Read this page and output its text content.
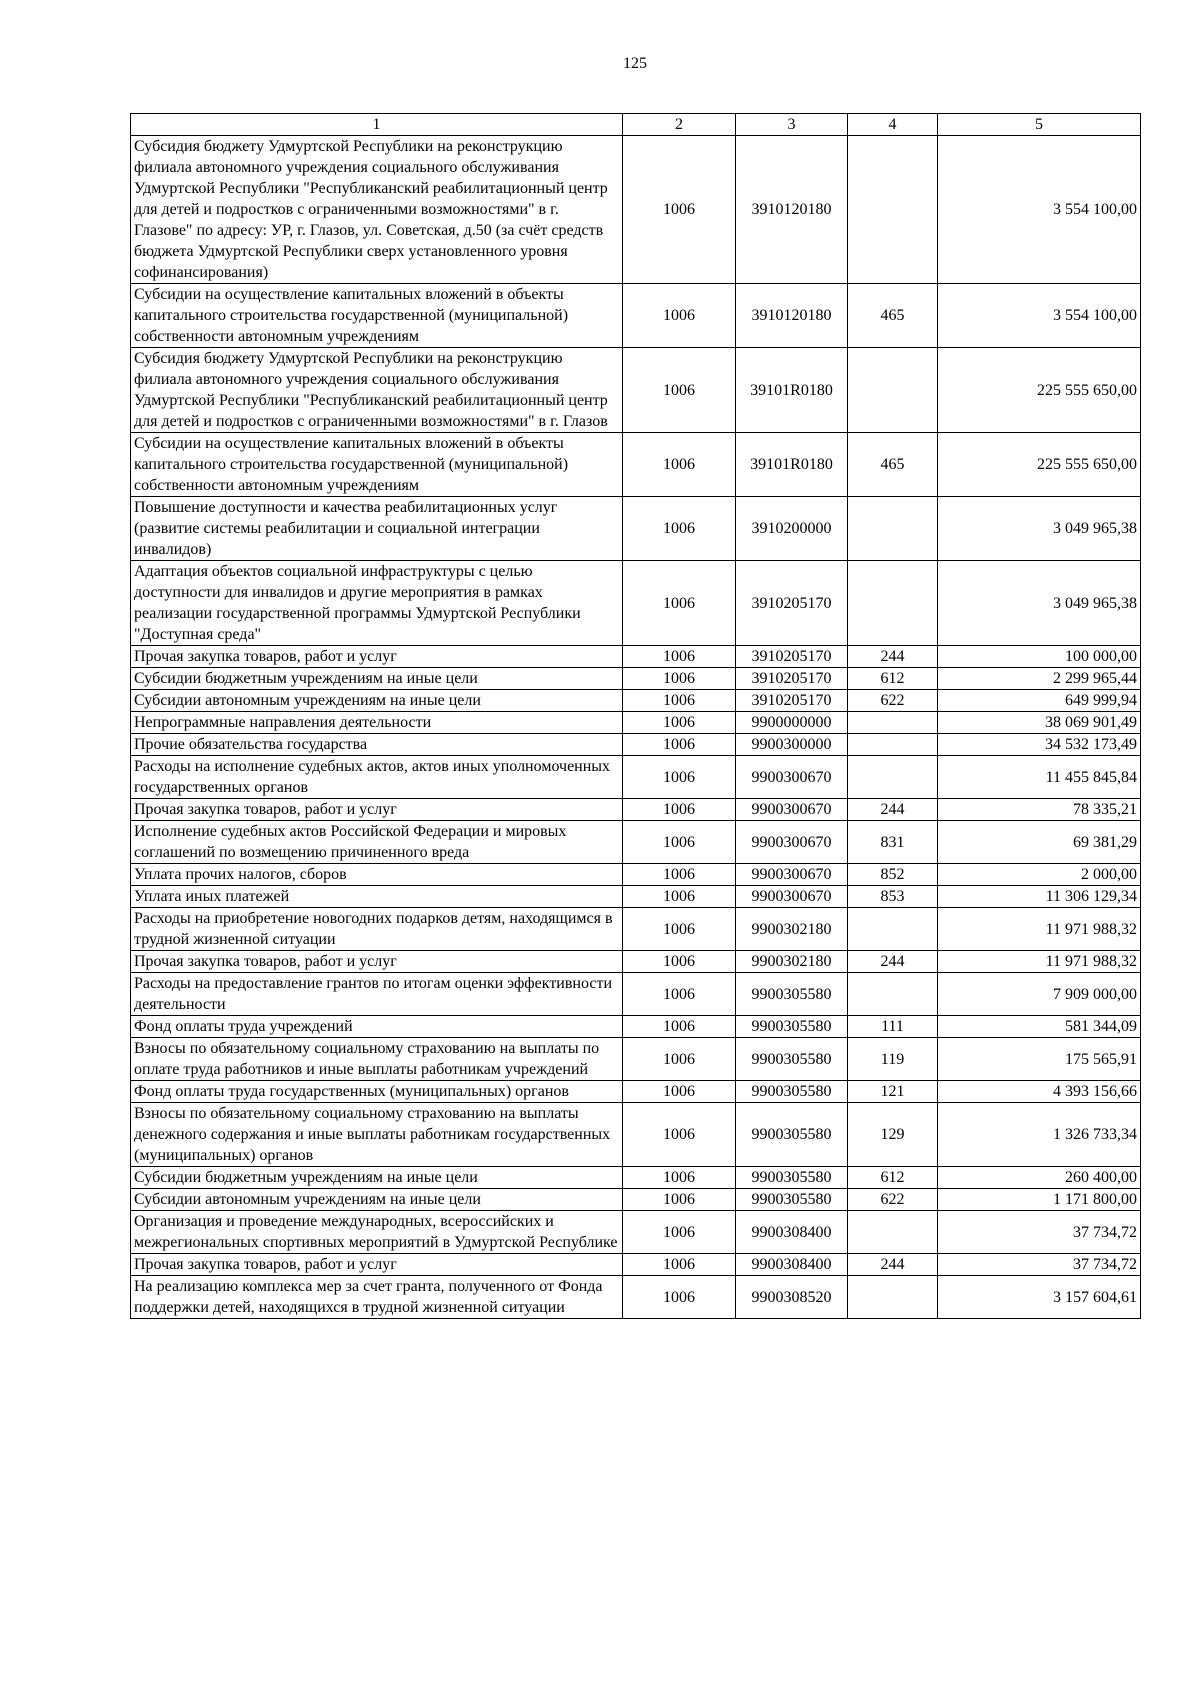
125
1	2	3	4	5
Субсидия бюджету Удмуртской Республики на реконструкцию филиала автономного учреждения социального обслуживания Удмуртской Республики "Республиканский реабилитационный центр для детей и подростков с ограниченными возможностями" в г. Глазове" по адресу: УР, г. Глазов, ул. Советская, д.50 (за счёт средств бюджета Удмуртской Республики сверх установленного уровня софинансирования)	1006	3910120180		3 554 100,00
Субсидии на осуществление капитальных вложений в объекты капитального строительства государственной (муниципальной) собственности автономным учреждениям	1006	3910120180	465	3 554 100,00
Субсидия бюджету Удмуртской Республики на реконструкцию филиала автономного учреждения социального обслуживания Удмуртской Республики "Республиканский реабилитационный центр для детей и подростков с ограниченными возможностями" в г. Глазов	1006	39101R0180		225 555 650,00
Субсидии на осуществление капитальных вложений в объекты капитального строительства государственной (муниципальной) собственности автономным учреждениям	1006	39101R0180	465	225 555 650,00
Повышение доступности и качества реабилитационных услуг (развитие системы реабилитации и социальной интеграции инвалидов)	1006	3910200000		3 049 965,38
Адаптация объектов социальной инфраструктуры с целью доступности для инвалидов и другие мероприятия в рамках реализации государственной программы Удмуртской Республики "Доступная среда"	1006	3910205170		3 049 965,38
Прочая закупка товаров, работ и услуг	1006	3910205170	244	100 000,00
Субсидии бюджетным учреждениям на иные цели	1006	3910205170	612	2 299 965,44
Субсидии автономным учреждениям на иные цели	1006	3910205170	622	649 999,94
Непрограммные направления деятельности	1006	9900000000		38 069 901,49
Прочие обязательства государства	1006	9900300000		34 532 173,49
Расходы на исполнение судебных актов, актов иных уполномоченных государственных органов	1006	9900300670		11 455 845,84
Прочая закупка товаров, работ и услуг	1006	9900300670	244	78 335,21
Исполнение судебных актов Российской Федерации и мировых соглашений по возмещению причиненного вреда	1006	9900300670	831	69 381,29
Уплата прочих налогов, сборов	1006	9900300670	852	2 000,00
Уплата иных платежей	1006	9900300670	853	11 306 129,34
Расходы на приобретение новогодних подарков детям, находящимся в трудной жизненной ситуации	1006	9900302180		11 971 988,32
Прочая закупка товаров, работ и услуг	1006	9900302180	244	11 971 988,32
Расходы на предоставление грантов по итогам оценки эффективности деятельности	1006	9900305580		7 909 000,00
Фонд оплаты труда учреждений	1006	9900305580	111	581 344,09
Взносы по обязательному социальному страхованию на выплаты по оплате труда работников и иные выплаты работникам учреждений	1006	9900305580	119	175 565,91
Фонд оплаты труда государственных (муниципальных) органов	1006	9900305580	121	4 393 156,66
Взносы по обязательному социальному страхованию на выплаты денежного содержания и иные выплаты работникам государственных (муниципальных) органов	1006	9900305580	129	1 326 733,34
Субсидии бюджетным учреждениям на иные цели	1006	9900305580	612	260 400,00
Субсидии автономным учреждениям на иные цели	1006	9900305580	622	1 171 800,00
Организация и проведение международных, всероссийских и межрегиональных спортивных мероприятий в Удмуртской Республике	1006	9900308400		37 734,72
Прочая закупка товаров, работ и услуг	1006	9900308400	244	37 734,72
На реализацию комплекса мер за счет гранта, полученного от Фонда поддержки детей, находящихся в трудной жизненной ситуации	1006	9900308520		3 157 604,61
